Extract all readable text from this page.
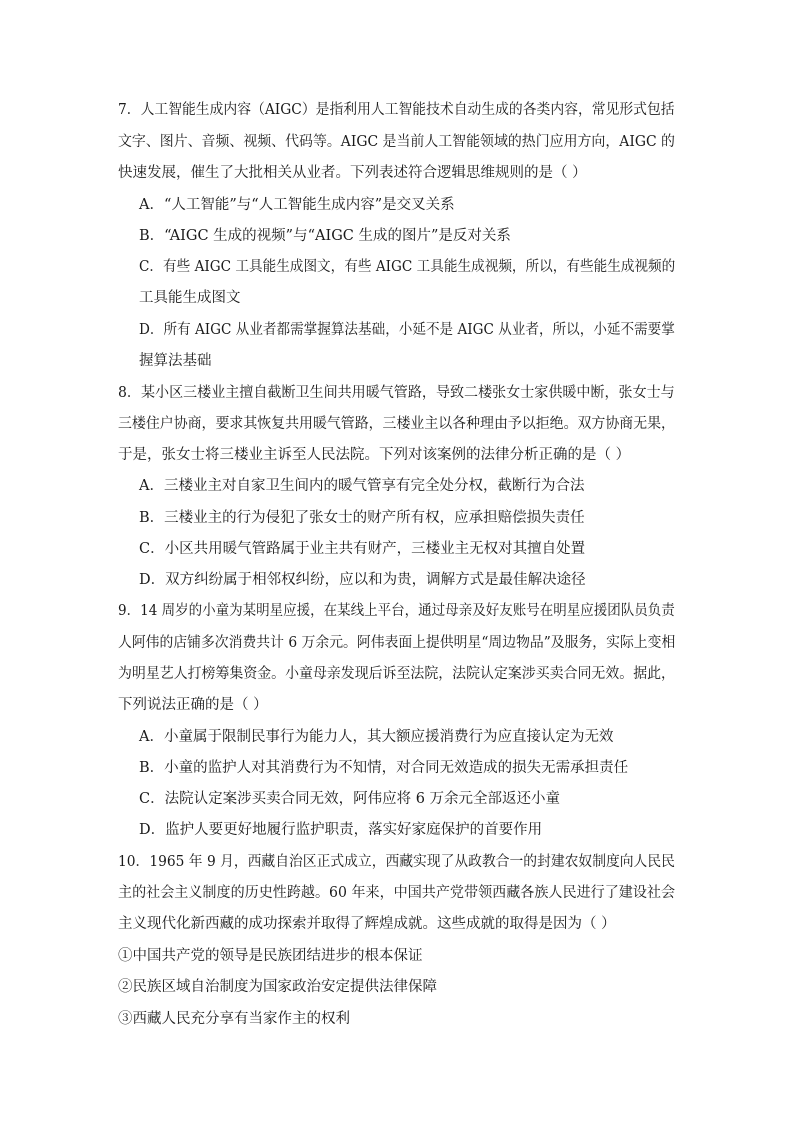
7．人工智能生成内容（AIGC）是指利用人工智能技术自动生成的各类内容，常见形式包括
文字、图片、音频、视频、代码等。AIGC 是当前人工智能领域的热门应用方向，AIGC 的
快速发展，催生了大批相关从业者。下列表述符合逻辑思维规则的是（ ）
A．“人工智能”与“人工智能生成内容”是交叉关系
B．“AIGC 生成的视频”与“AIGC 生成的图片”是反对关系
C．有些 AIGC 工具能生成图文，有些 AIGC 工具能生成视频，所以，有些能生成视频的
工具能生成图文
D．所有 AIGC 从业者都需掌握算法基础，小延不是 AIGC 从业者，所以，小延不需要掌
握算法基础
8．某小区三楼业主擅自截断卫生间共用暖气管路，导致二楼张女士家供暖中断，张女士与
三楼住户协商，要求其恢复共用暖气管路，三楼业主以各种理由予以拒绝。双方协商无果，
于是，张女士将三楼业主诉至人民法院。下列对该案例的法律分析正确的是（ ）
A．三楼业主对自家卫生间内的暖气管享有完全处分权，截断行为合法
B．三楼业主的行为侵犯了张女士的财产所有权，应承担赔偿损失责任
C．小区共用暖气管路属于业主共有财产，三楼业主无权对其擅自处置
D．双方纠纷属于相邻权纠纷，应以和为贵，调解方式是最佳解决途径
9．14 周岁的小童为某明星应援，在某线上平台，通过母亲及好友账号在明星应援团队员负责
人阿伟的店铺多次消费共计 6 万余元。阿伟表面上提供明星“周边物品”及服务，实际上变相
为明星艺人打榜筹集资金。小童母亲发现后诉至法院，法院认定案涉买卖合同无效。据此，
下列说法正确的是（ ）
A．小童属于限制民事行为能力人，其大额应援消费行为应直接认定为无效
B．小童的监护人对其消费行为不知情，对合同无效造成的损失无需承担责任
C．法院认定案涉买卖合同无效，阿伟应将 6 万余元全部返还小童
D．监护人要更好地履行监护职责，落实好家庭保护的首要作用
10．1965 年 9 月，西藏自治区正式成立，西藏实现了从政教合一的封建农奴制度向人民民
主的社会主义制度的历史性跨越。60 年来，中国共产党带领西藏各族人民进行了建设社会
主义现代化新西藏的成功探索并取得了辉煌成就。这些成就的取得是因为（ ）
①中国共产党的领导是民族团结进步的根本保证
②民族区域自治制度为国家政治安定提供法律保障
③西藏人民充分享有当家作主的权利
